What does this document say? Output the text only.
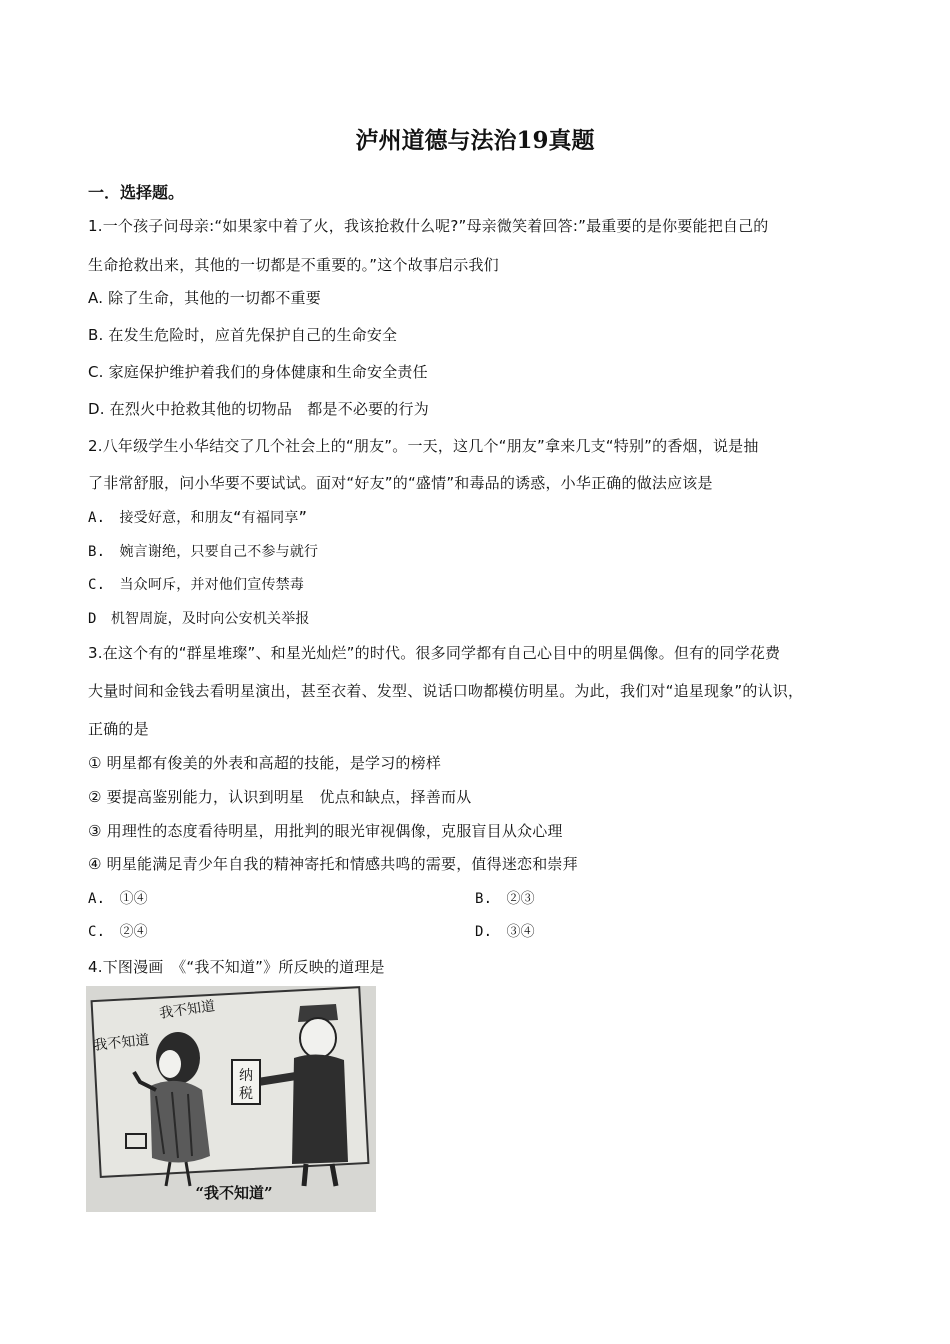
泸州道德与法治19真题
一．选择题。
1.一个孩子问母亲:“如果家中着了火，我该抢救什么呢?”母亲微笑着回答:”最重要的是你要能把自己的
生命抢救出来，其他的一切都是不重要的。”这个故事启示我们
A. 除了生命，其他的一切都不重要
B. 在发生危险时，应首先保护自己的生命安全
C. 家庭保护维护着我们的身体健康和生命安全责任
D. 在烈火中抢救其他的切物品　都是不必要的行为
2.八年级学生小华结交了几个社会上的“朋友”。一天，这几个“朋友”拿来几支“特别”的香烟，说是抽
了非常舒服，问小华要不要试试。面对“好友”的“盛情”和毒品的诱惑，小华正确的做法应该是
A.　接受好意，和朋友“有福同享”
B.　婉言谢绝，只要自己不参与就行
C.　当众呵斥，并对他们宣传禁毒
D　机智周旋，及时向公安机关举报
3.在这个有的“群星堆璨”、和星光灿烂”的时代。很多同学都有自己心目中的明星偶像。但有的同学花费
大量时间和金钱去看明星演出，甚至衣着、发型、说话口吻都模仿明星。为此，我们对“追星现象”的认识，
正确的是
① 明星都有俊美的外表和高超的技能，是学习的榜样
② 要提高鉴别能力，认识到明星　优点和缺点，择善而从
③ 用理性的态度看待明星，用批判的眼光审视偶像，克服盲目从众心理
④ 明星能满足青少年自我的精神寄托和情感共鸣的需要，值得迷恋和崇拜
A.　①④	B.　②③
C.　②④	D.　③④
4.下图漫画　《“我不知道”》所反映的道理是
纳
税
我不知道
我不知道
“我不知道”
